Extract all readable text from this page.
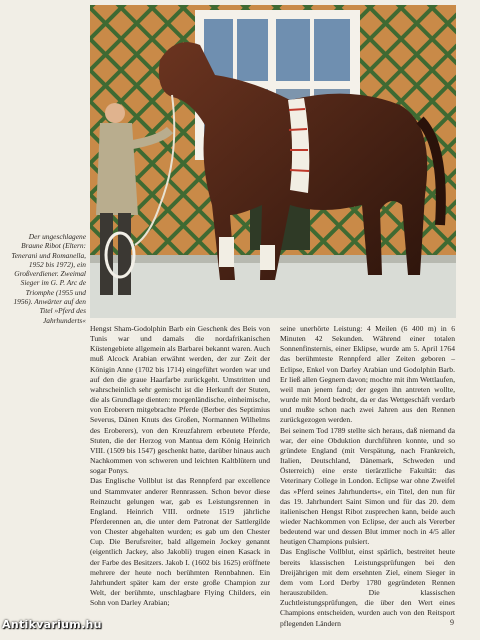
Der ungeschlagene Braune Ribot (Eltern: Tenerani und Romanella, 1952 bis 1972), ein Großverdiener. Zweimal Sieger im G. P. Arc de Triomphe (1955 und 1956). Anwärter auf den Titel »Pferd des Jahrhunderts«

Hengst Sham-Godolphin Barb ein Geschenk des Beis von Tunis war und damals die nordafrikanischen Küstengebiete allgemein als Barbarei bekannt waren. Auch muß Alcock Arabian erwähnt werden, der zur Zeit der Königin Anne (1702 bis 1714) eingeführt worden war und auf den die graue Haarfarbe zurückgeht. Umstritten und wahrscheinlich sehr gemischt ist die Herkunft der Stuten, die als Grundlage dienten: morgenländische, einheimische, von Eroberern mitgebrachte Pferde (Berber des Septimius Severus, Dänen Knuts des Großen, Normannen Wilhelms des Eroberers), von den Kreuzfahrern erbeutete Pferde, Stuten, die der Herzog von Mantua dem König Heinrich VIII. (1509 bis 1547) geschenkt hatte, darüber hinaus auch Nachkommen von schweren und leichten Kaltblütern und sogar Ponys.

Das Englische Vollblut ist das Rennpferd par excellence und Stammvater anderer Rennrassen. Schon bevor diese Reinzucht gelungen war, gab es Leistungsrennen in England. Heinrich VIII. ordnete 1519 jährliche Pferderennen an, die unter dem Patronat der Sattlergilde von Chester abgehalten wurden; es gab um den Chester Cup. Die Berufsreiter, bald allgemein Jockey genannt (eigentlich Jackey, also Jakobli) trugen einen Kasack in der Farbe des Besitzers. Jakob I. (1602 bis 1625) eröffnete mehrere der heute noch berühmten Rennbahnen. Ein Jahrhundert später kam der erste große Champion zur Welt, der berühmte, unschlagbare Flying Childers, ein Sohn von Darley Arabian;

seine unerhörte Leistung: 4 Meilen (6 400 m) in 6 Minuten 42 Sekunden. Während einer totalen Sonnenfinsternis, einer Eklipse, wurde am 5. April 1764 das berühmteste Rennpferd aller Zeiten geboren – Eclipse, Enkel von Darley Arabian und Godolphin Barb. Er ließ allen Gegnern davon; mochte mit ihm Wettlaufen, weil man jenem fand; der gegen ihn antreten wollte, wurde mit Mord bedroht, da er das Wettgeschäft verdarb und mußte schon nach zwei Jahren aus den Rennen zurückgezogen werden.

Bei seinem Tod 1789 stellte sich heraus, daß niemand da war, der eine Obduktion durchführen konnte, und so gründete England (mit Verspätung, nach Frankreich, Italien, Deutschland, Dänemark, Schweden und Österreich) eine erste tierärztliche Fakultät: das Veterinary College in London. Eclipse war ohne Zweifel das »Pferd seines Jahrhunderts«, ein Titel, den nun für das 19. Jahrhundert Saint Simon und für das 20. dem italienischen Hengst Ribot zusprechen kann, beide auch wieder Nachkommen von Eclipse, der auch als Vererber bedeutend war und dessen Blut immer noch in 4/5 aller heutigen Champions pulsiert.

Das Englische Vollblut, einst spärlich, bestreitet heute bereits klassischen Leistungsprüfungen bei den Dreijährigen mit dem ersehnten Ziel, einem Sieger in dem vom Lord Derby 1780 gegründeten Rennen herauszubilden. Die klassischen Zuchtleistungsprüfungen, die über den Wert eines Champions entscheiden, wurden auch von den Reitsport pflegenden Ländern	9
Antikvarium.hu
